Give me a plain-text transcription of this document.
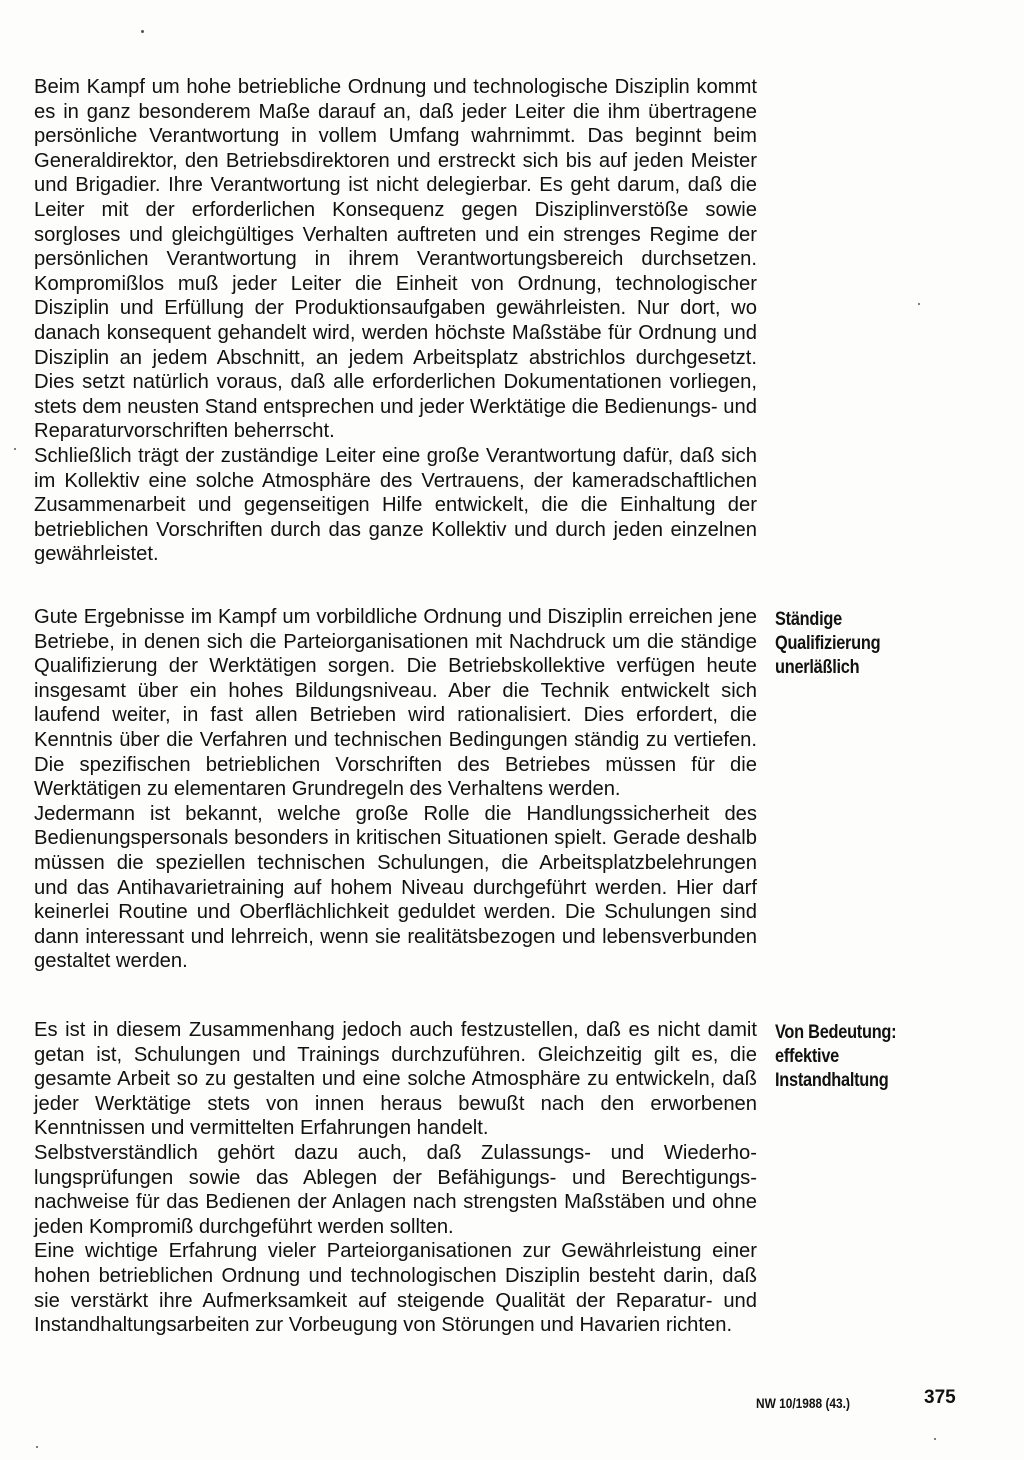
Beim Kampf um hohe betriebliche Ordnung und technologische Disziplin kommt es in ganz besonderem Maße darauf an, daß jeder Leiter die ihm übertragene persönliche Verantwortung in vollem Umfang wahrnimmt. Das beginnt beim Generaldirektor, den Betriebsdirektoren und erstreckt sich bis auf jeden Meister und Brigadier. Ihre Verantwortung ist nicht delegierbar. Es geht darum, daß die Leiter mit der erforderlichen Konsequenz gegen Disziplinverstöße sowie sorgloses und gleichgültiges Verhalten auftreten und ein strenges Regime der persönlichen Verantwortung in ihrem Verantwortungsbereich durchsetzen. Kompromißlos muß jeder Leiter die Einheit von Ordnung, technologischer Disziplin und Erfüllung der Produktionsaufgaben gewährleisten. Nur dort, wo danach konsequent gehandelt wird, werden höchste Maßstäbe für Ordnung und Disziplin an jedem Abschnitt, an jedem Arbeitsplatz abstrichlos durchgesetzt. Dies setzt natürlich voraus, daß alle erforderlichen Dokumentationen vorliegen, stets dem neusten Stand entsprechen und jeder Werktätige die Bedienungs- und Reparaturvorschriften beherrscht.

Schließlich trägt der zuständige Leiter eine große Verantwortung dafür, daß sich im Kollektiv eine solche Atmosphäre des Vertrauens, der kameradschaftlichen Zusammenarbeit und gegenseitigen Hilfe entwickelt, die die Einhaltung der betrieblichen Vorschriften durch das ganze Kollektiv und durch jeden einzelnen gewährleistet.

Gute Ergebnisse im Kampf um vorbildliche Ordnung und Disziplin erreichen jene Betriebe, in denen sich die Parteiorganisationen mit Nachdruck um die ständige Qualifizierung der Werktätigen sorgen. Die Betriebskollektive verfügen heute insgesamt über ein hohes Bildungsniveau. Aber die Technik entwickelt sich laufend weiter, in fast allen Betrieben wird rationalisiert. Dies erfordert, die Kenntnis über die Verfahren und technischen Bedingungen ständig zu vertiefen. Die spezifischen betrieblichen Vorschriften des Betriebes müssen für die Werktätigen zu elementaren Grundregeln des Verhaltens werden.

Jedermann ist bekannt, welche große Rolle die Handlungssicherheit des Bedienungspersonals besonders in kritischen Situationen spielt. Gerade deshalb müssen die speziellen technischen Schulungen, die Arbeitsplatzbelehrungen und das Antihavarietraining auf hohem Niveau durchgeführt werden. Hier darf keinerlei Routine und Oberflächlichkeit geduldet werden. Die Schulungen sind dann interessant und lehrreich, wenn sie realitätsbezogen und lebensverbunden gestaltet werden.

Ständige
Qualifizierung
unerläßlich

Es ist in diesem Zusammenhang jedoch auch festzustellen, daß es nicht damit getan ist, Schulungen und Trainings durchzuführen. Gleichzeitig gilt es, die gesamte Arbeit so zu gestalten und eine solche Atmosphäre zu entwickeln, daß jeder Werktätige stets von innen heraus bewußt nach den erworbenen Kenntnissen und vermittelten Erfahrungen handelt.

Selbstverständlich gehört dazu auch, daß Zulassungs- und Wiederholungsprüfungen sowie das Ablegen der Befähigungs- und Berechtigungsnachweise für das Bedienen der Anlagen nach strengsten Maßstäben und ohne jeden Kompromiß durchgeführt werden sollten.

Eine wichtige Erfahrung vieler Parteiorganisationen zur Gewährleistung einer hohen betrieblichen Ordnung und technologischen Disziplin besteht darin, daß sie verstärkt ihre Aufmerksamkeit auf steigende Qualität der Reparatur- und Instandhaltungsarbeiten zur Vorbeugung von Störungen und Havarien richten.

Von Bedeutung:
effektive
Instandhaltung
NW 10/1988 (43.)	375
